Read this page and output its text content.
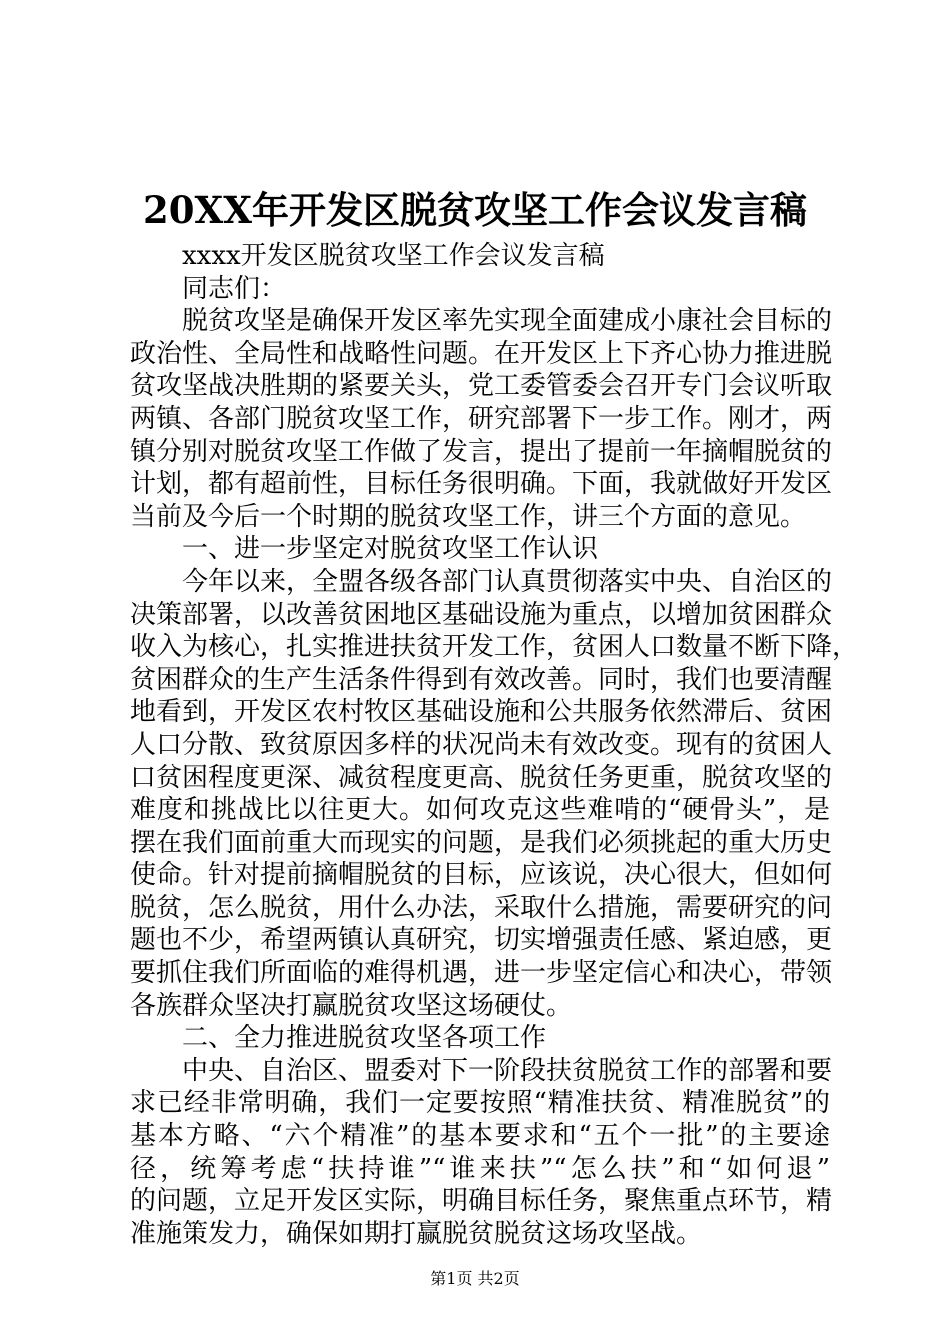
20XX年开发区脱贫攻坚工作会议发言稿
xxxx开发区脱贫攻坚工作会议发言稿
同志们：
脱贫攻坚是确保开发区率先实现全面建成小康社会目标的
政治性、全局性和战略性问题。在开发区上下齐心协力推进脱
贫攻坚战决胜期的紧要关头，党工委管委会召开专门会议听取
两镇、各部门脱贫攻坚工作，研究部署下一步工作。刚才，两
镇分别对脱贫攻坚工作做了发言，提出了提前一年摘帽脱贫的
计划，都有超前性，目标任务很明确。下面，我就做好开发区
当前及今后一个时期的脱贫攻坚工作，讲三个方面的意见。
一、进一步坚定对脱贫攻坚工作认识
今年以来，全盟各级各部门认真贯彻落实中央、自治区的
决策部署，以改善贫困地区基础设施为重点，以增加贫困群众
收入为核心，扎实推进扶贫开发工作，贫困人口数量不断下降，
贫困群众的生产生活条件得到有效改善。同时，我们也要清醒
地看到，开发区农村牧区基础设施和公共服务依然滞后、贫困
人口分散、致贫原因多样的状况尚未有效改变。现有的贫困人
口贫困程度更深、减贫程度更高、脱贫任务更重，脱贫攻坚的
难度和挑战比以往更大。如何攻克这些难啃的“硬骨头”，是
摆在我们面前重大而现实的问题，是我们必须挑起的重大历史
使命。针对提前摘帽脱贫的目标，应该说，决心很大，但如何
脱贫，怎么脱贫，用什么办法，采取什么措施，需要研究的问
题也不少，希望两镇认真研究，切实增强责任感、紧迫感，更
要抓住我们所面临的难得机遇，进一步坚定信心和决心，带领
各族群众坚决打赢脱贫攻坚这场硬仗。
二、全力推进脱贫攻坚各项工作
中央、自治区、盟委对下一阶段扶贫脱贫工作的部署和要
求已经非常明确，我们一定要按照“精准扶贫、精准脱贫”的
基本方略、“六个精准”的基本要求和“五个一批”的主要途
径，统筹考虑“扶持谁”“谁来扶”“怎么扶”和“如何退”
的问题，立足开发区实际，明确目标任务，聚焦重点环节，精
准施策发力，确保如期打赢脱贫脱贫这场攻坚战。
第1页 共2页
